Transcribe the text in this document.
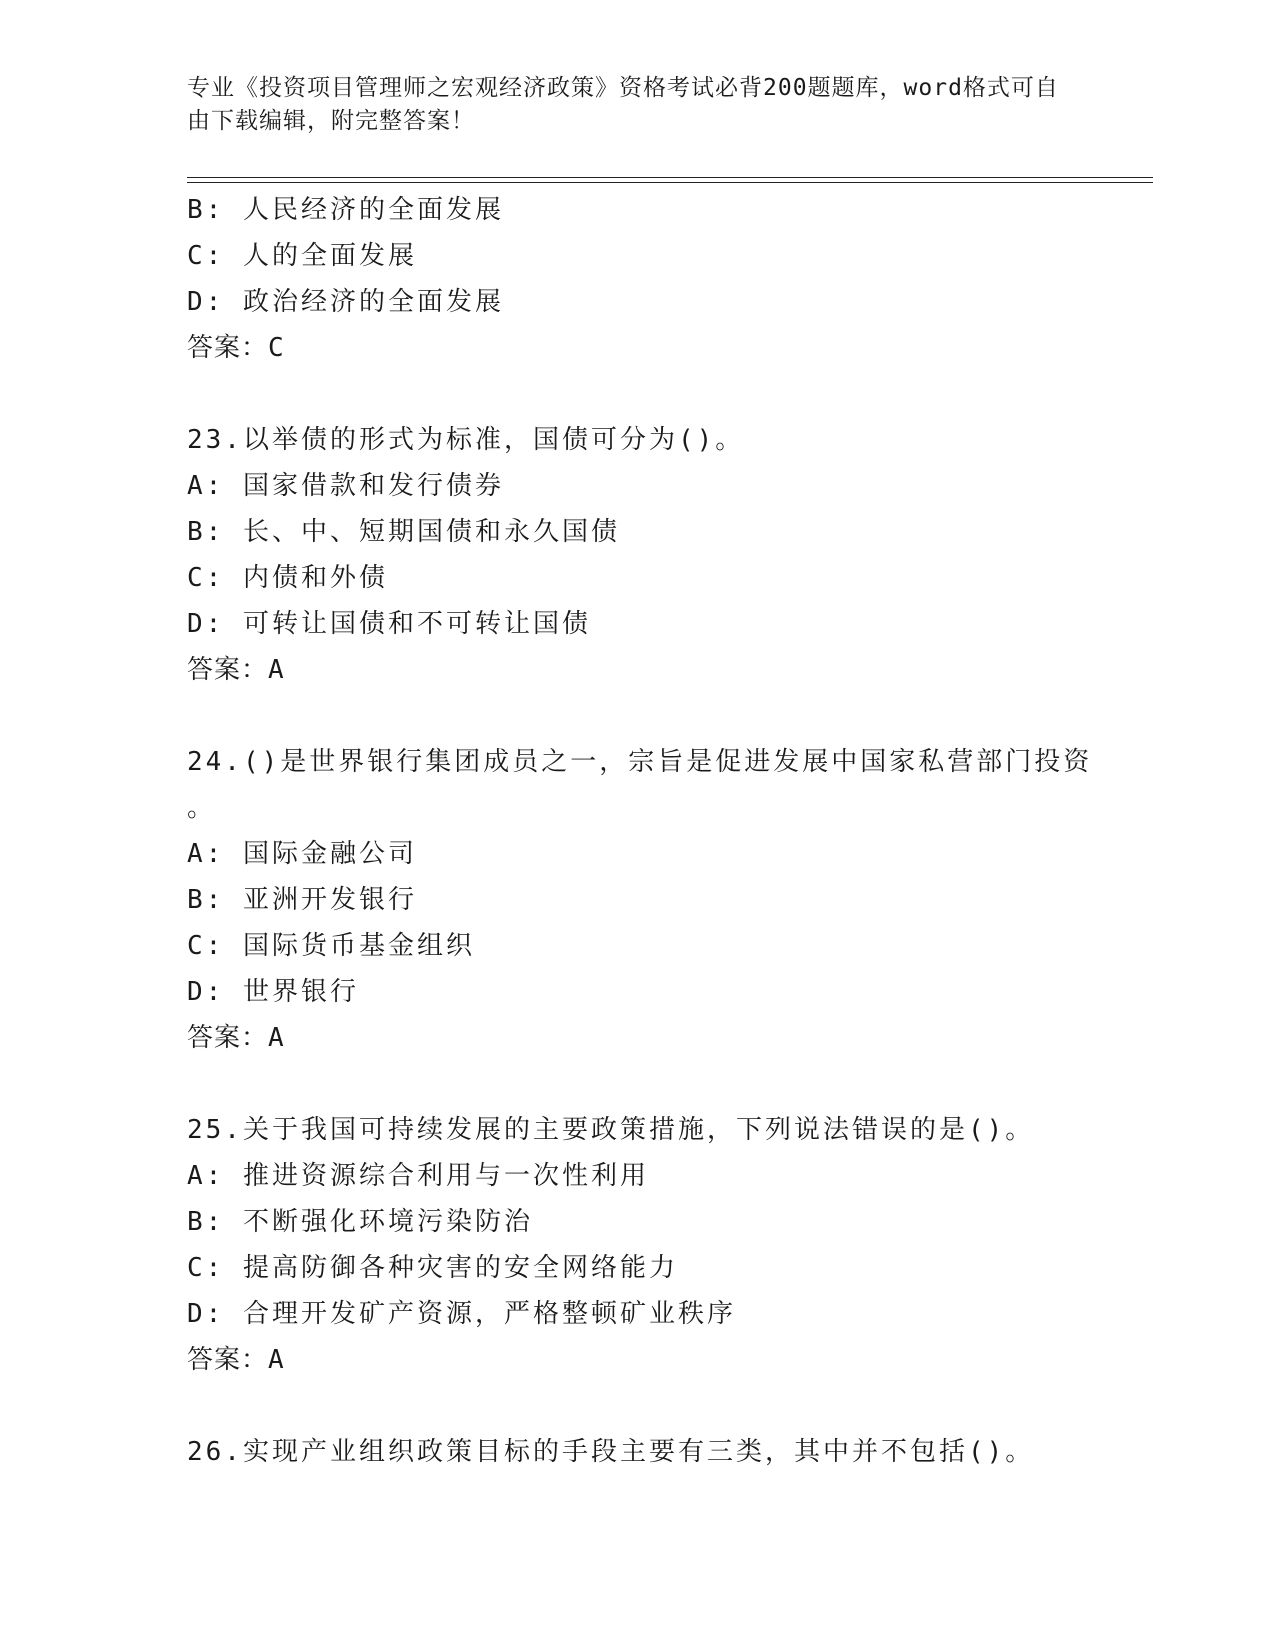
专业《投资项目管理师之宏观经济政策》资格考试必背200题题库，word格式可自由下载编辑，附完整答案！
B: 人民经济的全面发展
C: 人的全面发展
D: 政治经济的全面发展
答案：C
23.以举债的形式为标准，国债可分为()。
A: 国家借款和发行债券
B: 长、中、短期国债和永久国债
C: 内债和外债
D: 可转让国债和不可转让国债
答案：A
24.()是世界银行集团成员之一，宗旨是促进发展中国家私营部门投资
。
A: 国际金融公司
B: 亚洲开发银行
C: 国际货币基金组织
D: 世界银行
答案：A
25.关于我国可持续发展的主要政策措施，下列说法错误的是()。
A: 推进资源综合利用与一次性利用
B: 不断强化环境污染防治
C: 提高防御各种灾害的安全网络能力
D: 合理开发矿产资源，严格整顿矿业秩序
答案：A
26.实现产业组织政策目标的手段主要有三类，其中并不包括()。
